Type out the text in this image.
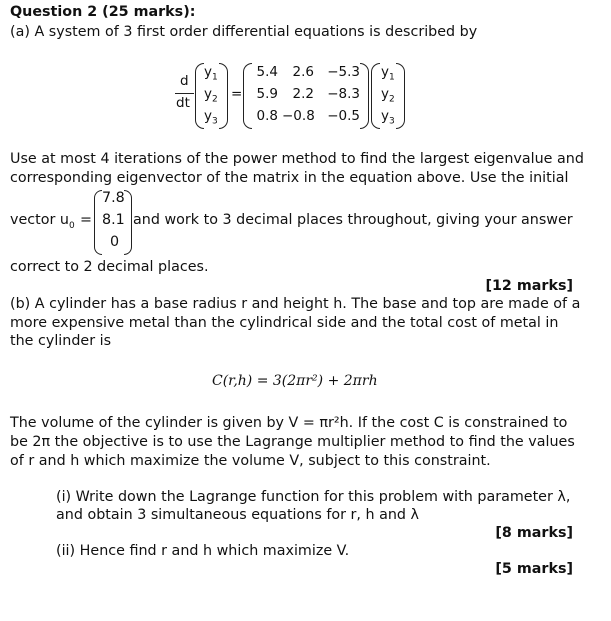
Question 2 (25 marks):
(a) A system of 3 first order differential equations is described by
d
dt
$y_1$
$y_2$
$y_3$
=
5.4	2.6 −5.3
5.9	2.2 −8.3
0.8 −0.8 −0.5
$y_1$
$y_2$
$y_3$
Use at most 4 iterations of the power method to find the largest eigenvalue and
corresponding eigenvector of the matrix in the equation above. Use the initial
vector $u_0$ =
7.8
8.1
0
and work to 3 decimal places throughout, giving your answer
correct to 2 decimal places.
[12 marks]
(b) A cylinder has a base radius r and height h. The base and top are made of a
more expensive metal than the cylindrical side and the total cost of metal in
the cylinder is
C(r,h) = 3(2πr²) + 2πrh
The volume of the cylinder is given by V = πr²h. If the cost C is constrained to
be 2π the objective is to use the Lagrange multiplier method to find the values
of r and h which maximize the volume V, subject to this constraint.
(i) Write down the Lagrange function for this problem with parameter λ,
and obtain 3 simultaneous equations for r, h and λ
[8 marks]
(ii) Hence find r and h which maximize V.
[5 marks]
